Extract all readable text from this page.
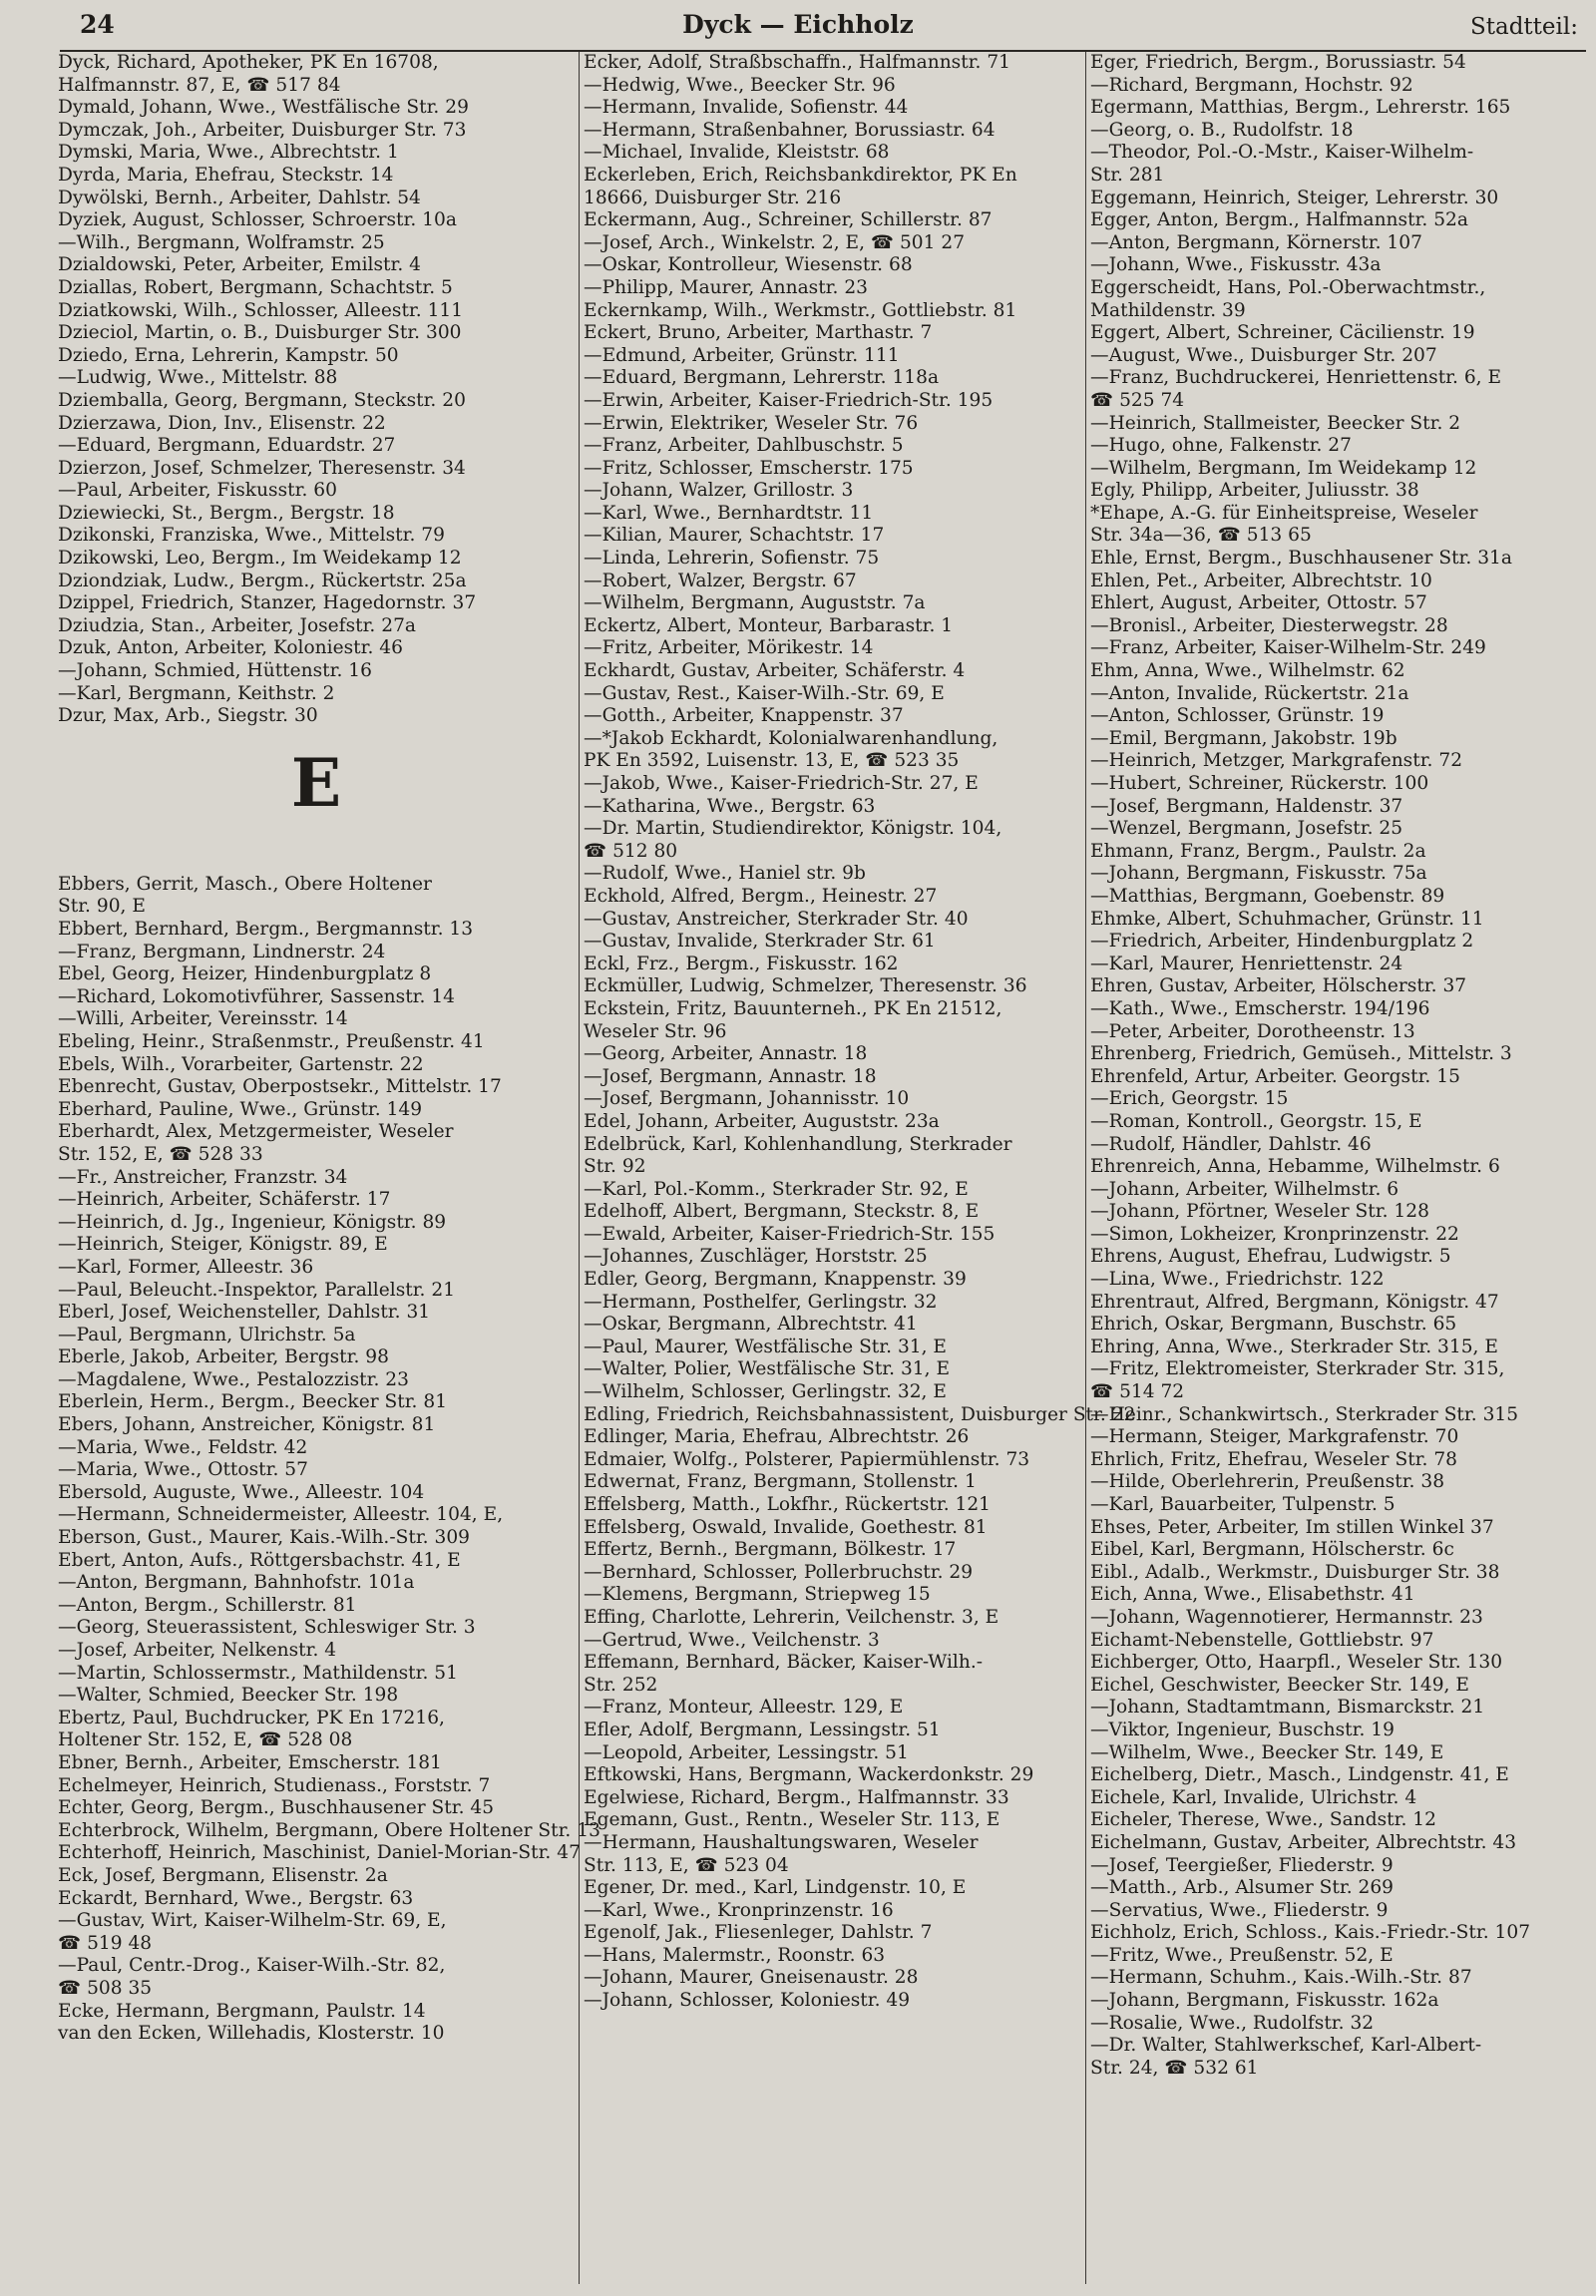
24	Dyck — Eichholz	Stadtteil:
Dyck, Richard, Apotheker, PK En 16708,
Halfmannstr. 87, E, ☎ 517 84
Dymald, Johann, Wwe., Westfälische Str. 29
Dymczak, Joh., Arbeiter, Duisburger Str. 73
Dymski, Maria, Wwe., Albrechtstr. 1
Dyrda, Maria, Ehefrau, Steckstr. 14
Dywölski, Bernh., Arbeiter, Dahlstr. 54
Dyziek, August, Schlosser, Schroerstr. 10a
—Wilh., Bergmann, Wolframstr. 25
Dzialdowski, Peter, Arbeiter, Emilstr. 4
Dziallas, Robert, Bergmann, Schachtstr. 5
Dziatkowski, Wilh., Schlosser, Alleestr. 111
Dzieciol, Martin, o. B., Duisburger Str. 300
Dziedo, Erna, Lehrerin, Kampstr. 50
—Ludwig, Wwe., Mittelstr. 88
Dziemballa, Georg, Bergmann, Steckstr. 20
Dzierzawa, Dion, Inv., Elisenstr. 22
—Eduard, Bergmann, Eduardstr. 27
Dzierzon, Josef, Schmelzer, Theresenstr. 34
—Paul, Arbeiter, Fiskusstr. 60
Dziewiecki, St., Bergm., Bergstr. 18
Dzikonski, Franziska, Wwe., Mittelstr. 79
Dzikowski, Leo, Bergm., Im Weidekamp 12
Dziondziak, Ludw., Bergm., Rückertstr. 25a
Dzippel, Friedrich, Stanzer, Hagedornstr. 37
Dziudzia, Stan., Arbeiter, Josefstr. 27a
Dzuk, Anton, Arbeiter, Koloniestr. 46
—Johann, Schmied, Hüttenstr. 16
—Karl, Bergmann, Keithstr. 2
Dzur, Max, Arb., Siegstr. 30
E
Ebbers, Gerrit, Masch., Obere Holtener
Str. 90, E
Ebbert, Bernhard, Bergm., Bergmannstr. 13
—Franz, Bergmann, Lindnerstr. 24
Ebel, Georg, Heizer, Hindenburgplatz 8
—Richard, Lokomotivführer, Sassenstr. 14
—Willi, Arbeiter, Vereinsstr. 14
Ebeling, Heinr., Straßenmstr., Preußenstr. 41
Ebels, Wilh., Vorarbeiter, Gartenstr. 22
Ebenrecht, Gustav, Oberpostsekr., Mittelstr. 17
Eberhard, Pauline, Wwe., Grünstr. 149
Eberhardt, Alex, Metzgermeister, Weseler
Str. 152, E, ☎ 528 33
—Fr., Anstreicher, Franzstr. 34
—Heinrich, Arbeiter, Schäferstr. 17
—Heinrich, d. Jg., Ingenieur, Königstr. 89
—Heinrich, Steiger, Königstr. 89, E
—Karl, Former, Alleestr. 36
—Paul, Beleucht.-Inspektor, Parallelstr. 21
Eberl, Josef, Weichensteller, Dahlstr. 31
—Paul, Bergmann, Ulrichstr. 5a
Eberle, Jakob, Arbeiter, Bergstr. 98
—Magdalene, Wwe., Pestalozzistr. 23
Eberlein, Herm., Bergm., Beecker Str. 81
Ebers, Johann, Anstreicher, Königstr. 81
—Maria, Wwe., Feldstr. 42
—Maria, Wwe., Ottostr. 57
Ebersold, Auguste, Wwe., Alleestr. 104
—Hermann, Schneidermeister, Alleestr. 104, E,
Eberson, Gust., Maurer, Kais.-Wilh.-Str. 309
Ebert, Anton, Aufs., Röttgersbachstr. 41, E
—Anton, Bergmann, Bahnhofstr. 101a
—Anton, Bergm., Schillerstr. 81
—Georg, Steuerassistent, Schleswiger Str. 3
—Josef, Arbeiter, Nelkenstr. 4
—Martin, Schlossermstr., Mathildenstr. 51
—Walter, Schmied, Beecker Str. 198
Ebertz, Paul, Buchdrucker, PK En 17216,
Holtener Str. 152, E, ☎ 528 08
Ebner, Bernh., Arbeiter, Emscherstr. 181
Echelmeyer, Heinrich, Studienass., Forststr. 7
Echter, Georg, Bergm., Buschhausener Str. 45
Echterbrock, Wilhelm, Bergmann, Obere Holtener Str. 13
Echterhoff, Heinrich, Maschinist, Daniel-Morian-Str. 47
Eck, Josef, Bergmann, Elisenstr. 2a
Eckardt, Bernhard, Wwe., Bergstr. 63
—Gustav, Wirt, Kaiser-Wilhelm-Str. 69, E,
☎ 519 48
—Paul, Centr.-Drog., Kaiser-Wilh.-Str. 82,
☎ 508 35
Ecke, Hermann, Bergmann, Paulstr. 14
van den Ecken, Willehadis, Klosterstr. 10
Ecker, Adolf, Straßbschaffn., Halfmannstr. 71
—Hedwig, Wwe., Beecker Str. 96
—Hermann, Invalide, Sofienstr. 44
—Hermann, Straßenbahner, Borussiastr. 64
—Michael, Invalide, Kleiststr. 68
Eckerleben, Erich, Reichsbankdirektor, PK En
18666, Duisburger Str. 216
Eckermann, Aug., Schreiner, Schillerstr. 87
—Josef, Arch., Winkelstr. 2, E, ☎ 501 27
—Oskar, Kontrolleur, Wiesenstr. 68
—Philipp, Maurer, Annastr. 23
Eckernkamp, Wilh., Werkmstr., Gottliebstr. 81
Eckert, Bruno, Arbeiter, Marthastr. 7
—Edmund, Arbeiter, Grünstr. 111
—Eduard, Bergmann, Lehrerstr. 118a
—Erwin, Arbeiter, Kaiser-Friedrich-Str. 195
—Erwin, Elektriker, Weseler Str. 76
—Franz, Arbeiter, Dahlbuschstr. 5
—Fritz, Schlosser, Emscherstr. 175
—Johann, Walzer, Grillostr. 3
—Karl, Wwe., Bernhardtstr. 11
—Kilian, Maurer, Schachtstr. 17
—Linda, Lehrerin, Sofienstr. 75
—Robert, Walzer, Bergstr. 67
—Wilhelm, Bergmann, Auguststr. 7a
Eckertz, Albert, Monteur, Barbarastr. 1
—Fritz, Arbeiter, Mörikestr. 14
Eckhardt, Gustav, Arbeiter, Schäferstr. 4
—Gustav, Rest., Kaiser-Wilh.-Str. 69, E
—Gotth., Arbeiter, Knappenstr. 37
—*Jakob Eckhardt, Kolonialwarenhandlung,
PK En 3592, Luisenstr. 13, E, ☎ 523 35
—Jakob, Wwe., Kaiser-Friedrich-Str. 27, E
—Katharina, Wwe., Bergstr. 63
—Dr. Martin, Studiendirektor, Königstr. 104,
☎ 512 80
—Rudolf, Wwe., Haniel str. 9b
Eckhold, Alfred, Bergm., Heinestr. 27
—Gustav, Anstreicher, Sterkrader Str. 40
—Gustav, Invalide, Sterkrader Str. 61
Eckl, Frz., Bergm., Fiskusstr. 162
Eckmüller, Ludwig, Schmelzer, Theresenstr. 36
Eckstein, Fritz, Bauunterneh., PK En 21512,
Weseler Str. 96
—Georg, Arbeiter, Annastr. 18
—Josef, Bergmann, Annastr. 18
—Josef, Bergmann, Johannisstr. 10
Edel, Johann, Arbeiter, Auguststr. 23a
Edelbrück, Karl, Kohlenhandlung, Sterkrader
Str. 92
—Karl, Pol.-Komm., Sterkrader Str. 92, E
Edelhoff, Albert, Bergmann, Steckstr. 8, E
—Ewald, Arbeiter, Kaiser-Friedrich-Str. 155
—Johannes, Zuschläger, Horststr. 25
Edler, Georg, Bergmann, Knappenstr. 39
—Hermann, Posthelfer, Gerlingstr. 32
—Oskar, Bergmann, Albrechtstr. 41
—Paul, Maurer, Westfälische Str. 31, E
—Walter, Polier, Westfälische Str. 31, E
—Wilhelm, Schlosser, Gerlingstr. 32, E
Edling, Friedrich, Reichsbahnassistent, Duisburger Str. 22
Edlinger, Maria, Ehefrau, Albrechtstr. 26
Edmaier, Wolfg., Polsterer, Papiermühlenstr. 73
Edwernat, Franz, Bergmann, Stollenstr. 1
Effelsberg, Matth., Lokfhr., Rückertstr. 121
Effelsberg, Oswald, Invalide, Goethestr. 81
Effertz, Bernh., Bergmann, Bölkestr. 17
—Bernhard, Schlosser, Pollerbruchstr. 29
—Klemens, Bergmann, Striepweg 15
Effing, Charlotte, Lehrerin, Veilchenstr. 3, E
—Gertrud, Wwe., Veilchenstr. 3
Effemann, Bernhard, Bäcker, Kaiser-Wilh.-
Str. 252
—Franz, Monteur, Alleestr. 129, E
Efler, Adolf, Bergmann, Lessingstr. 51
—Leopold, Arbeiter, Lessingstr. 51
Eftkowski, Hans, Bergmann, Wackerdonkstr. 29
Egelwiese, Richard, Bergm., Halfmannstr. 33
Egemann, Gust., Rentn., Weseler Str. 113, E
—Hermann, Haushaltungswaren, Weseler
Str. 113, E, ☎ 523 04
Egener, Dr. med., Karl, Lindgenstr. 10, E
—Karl, Wwe., Kronprinzenstr. 16
Egenolf, Jak., Fliesenleger, Dahlstr. 7
—Hans, Malermstr., Roonstr. 63
—Johann, Maurer, Gneisenaustr. 28
—Johann, Schlosser, Koloniestr. 49
Eger, Friedrich, Bergm., Borussiastr. 54
—Richard, Bergmann, Hochstr. 92
Egermann, Matthias, Bergm., Lehrerstr. 165
—Georg, o. B., Rudolfstr. 18
—Theodor, Pol.-O.-Mstr., Kaiser-Wilhelm-
Str. 281
Eggemann, Heinrich, Steiger, Lehrerstr. 30
Egger, Anton, Bergm., Halfmannstr. 52a
—Anton, Bergmann, Körnerstr. 107
—Johann, Wwe., Fiskusstr. 43a
Eggerscheidt, Hans, Pol.-Oberwachtmstr.,
Mathildenstr. 39
Eggert, Albert, Schreiner, Cäcilienstr. 19
—August, Wwe., Duisburger Str. 207
—Franz, Buchdruckerei, Henriettenstr. 6, E
☎ 525 74
—Heinrich, Stallmeister, Beecker Str. 2
—Hugo, ohne, Falkenstr. 27
—Wilhelm, Bergmann, Im Weidekamp 12
Egly, Philipp, Arbeiter, Juliusstr. 38
*Ehape, A.-G. für Einheitspreise, Weseler
Str. 34a—36, ☎ 513 65
Ehle, Ernst, Bergm., Buschhausener Str. 31a
Ehlen, Pet., Arbeiter, Albrechtstr. 10
Ehlert, August, Arbeiter, Ottostr. 57
—Bronisl., Arbeiter, Diesterwegstr. 28
—Franz, Arbeiter, Kaiser-Wilhelm-Str. 249
Ehm, Anna, Wwe., Wilhelmstr. 62
—Anton, Invalide, Rückertstr. 21a
—Anton, Schlosser, Grünstr. 19
—Emil, Bergmann, Jakobstr. 19b
—Heinrich, Metzger, Markgrafenstr. 72
—Hubert, Schreiner, Rückerstr. 100
—Josef, Bergmann, Haldenstr. 37
—Wenzel, Bergmann, Josefstr. 25
Ehmann, Franz, Bergm., Paulstr. 2a
—Johann, Bergmann, Fiskusstr. 75a
—Matthias, Bergmann, Goebenstr. 89
Ehmke, Albert, Schuhmacher, Grünstr. 11
—Friedrich, Arbeiter, Hindenburgplatz 2
—Karl, Maurer, Henriettenstr. 24
Ehren, Gustav, Arbeiter, Hölscherstr. 37
—Kath., Wwe., Emscherstr. 194/196
—Peter, Arbeiter, Dorotheenstr. 13
Ehrenberg, Friedrich, Gemüseh., Mittelstr. 3
Ehrenfeld, Artur, Arbeiter. Georgstr. 15
—Erich, Georgstr. 15
—Roman, Kontroll., Georgstr. 15, E
—Rudolf, Händler, Dahlstr. 46
Ehrenreich, Anna, Hebamme, Wilhelmstr. 6
—Johann, Arbeiter, Wilhelmstr. 6
—Johann, Pförtner, Weseler Str. 128
—Simon, Lokheizer, Kronprinzenstr. 22
Ehrens, August, Ehefrau, Ludwigstr. 5
—Lina, Wwe., Friedrichstr. 122
Ehrentraut, Alfred, Bergmann, Königstr. 47
Ehrich, Oskar, Bergmann, Buschstr. 65
Ehring, Anna, Wwe., Sterkrader Str. 315, E
—Fritz, Elektromeister, Sterkrader Str. 315,
☎ 514 72
—Heinr., Schankwirtsch., Sterkrader Str. 315
—Hermann, Steiger, Markgrafenstr. 70
Ehrlich, Fritz, Ehefrau, Weseler Str. 78
—Hilde, Oberlehrerin, Preußenstr. 38
—Karl, Bauarbeiter, Tulpenstr. 5
Ehses, Peter, Arbeiter, Im stillen Winkel 37
Eibel, Karl, Bergmann, Hölscherstr. 6c
Eibl., Adalb., Werkmstr., Duisburger Str. 38
Eich, Anna, Wwe., Elisabethstr. 41
—Johann, Wagennotierer, Hermannstr. 23
Eichamt-Nebenstelle, Gottliebstr. 97
Eichberger, Otto, Haarpfl., Weseler Str. 130
Eichel, Geschwister, Beecker Str. 149, E
—Johann, Stadtamtmann, Bismarckstr. 21
—Viktor, Ingenieur, Buschstr. 19
—Wilhelm, Wwe., Beecker Str. 149, E
Eichelberg, Dietr., Masch., Lindgenstr. 41, E
Eichele, Karl, Invalide, Ulrichstr. 4
Eicheler, Therese, Wwe., Sandstr. 12
Eichelmann, Gustav, Arbeiter, Albrechtstr. 43
—Josef, Teergießer, Fliederstr. 9
—Matth., Arb., Alsumer Str. 269
—Servatius, Wwe., Fliederstr. 9
Eichholz, Erich, Schloss., Kais.-Friedr.-Str. 107
—Fritz, Wwe., Preußenstr. 52, E
—Hermann, Schuhm., Kais.-Wilh.-Str. 87
—Johann, Bergmann, Fiskusstr. 162a
—Rosalie, Wwe., Rudolfstr. 32
—Dr. Walter, Stahlwerkschef, Karl-Albert-
Str. 24, ☎ 532 61
